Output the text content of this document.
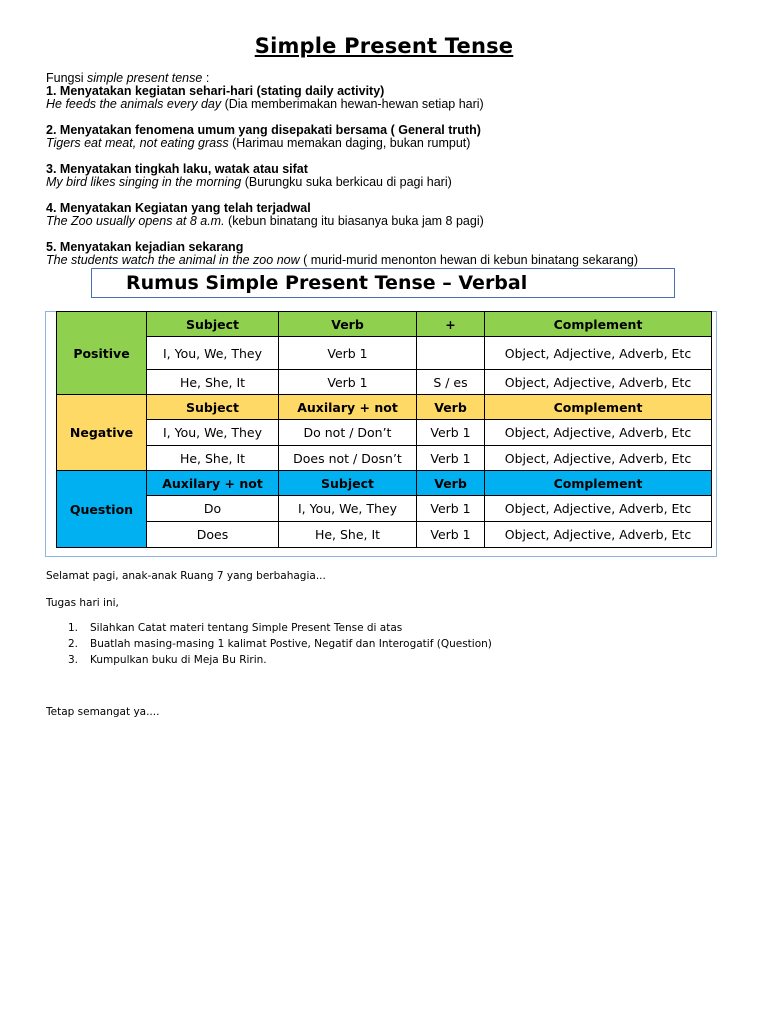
Simple Present Tense
Fungsi simple present tense :
1. Menyatakan kegiatan sehari-hari (stating daily activity)
He feeds the animals every day (Dia memberimakan hewan-hewan setiap hari)
2. Menyatakan fenomena umum yang disepakati bersama ( General truth)
Tigers eat meat, not eating grass (Harimau memakan daging, bukan rumput)
3. Menyatakan tingkah laku, watak atau sifat
My bird likes singing in the morning (Burungku suka berkicau di pagi hari)
4. Menyatakan Kegiatan yang telah terjadwal
The Zoo usually opens at 8 a.m. (kebun binatang itu biasanya buka jam 8 pagi)
5. Menyatakan kejadian sekarang
The students watch the animal in the zoo now ( murid-murid menonton hewan di kebun binatang sekarang)
Rumus Simple Present Tense – Verbal
Positive	Subject	Verb	+	Complement
	I, You, We, They	Verb 1		Object, Adjective, Adverb, Etc
	He, She, It	Verb 1	S / es	Object, Adjective, Adverb, Etc
Negative	Subject	Auxilary + not	Verb	Complement
	I, You, We, They	Do not / Don’t	Verb 1	Object, Adjective, Adverb, Etc
	He, She, It	Does not / Dosn’t	Verb 1	Object, Adjective, Adverb, Etc
Question	Auxilary + not	Subject	Verb	Complement
	Do	I, You, We, They	Verb 1	Object, Adjective, Adverb, Etc
	Does	He, She, It	Verb 1	Object, Adjective, Adverb, Etc
Selamat pagi, anak-anak Ruang 7 yang berbahagia...
Tugas hari ini,
1. Silahkan Catat materi tentang Simple Present Tense di atas
2. Buatlah masing-masing 1 kalimat Postive, Negatif dan Interogatif (Question)
3. Kumpulkan buku di Meja Bu Ririn.
Tetap semangat ya....
